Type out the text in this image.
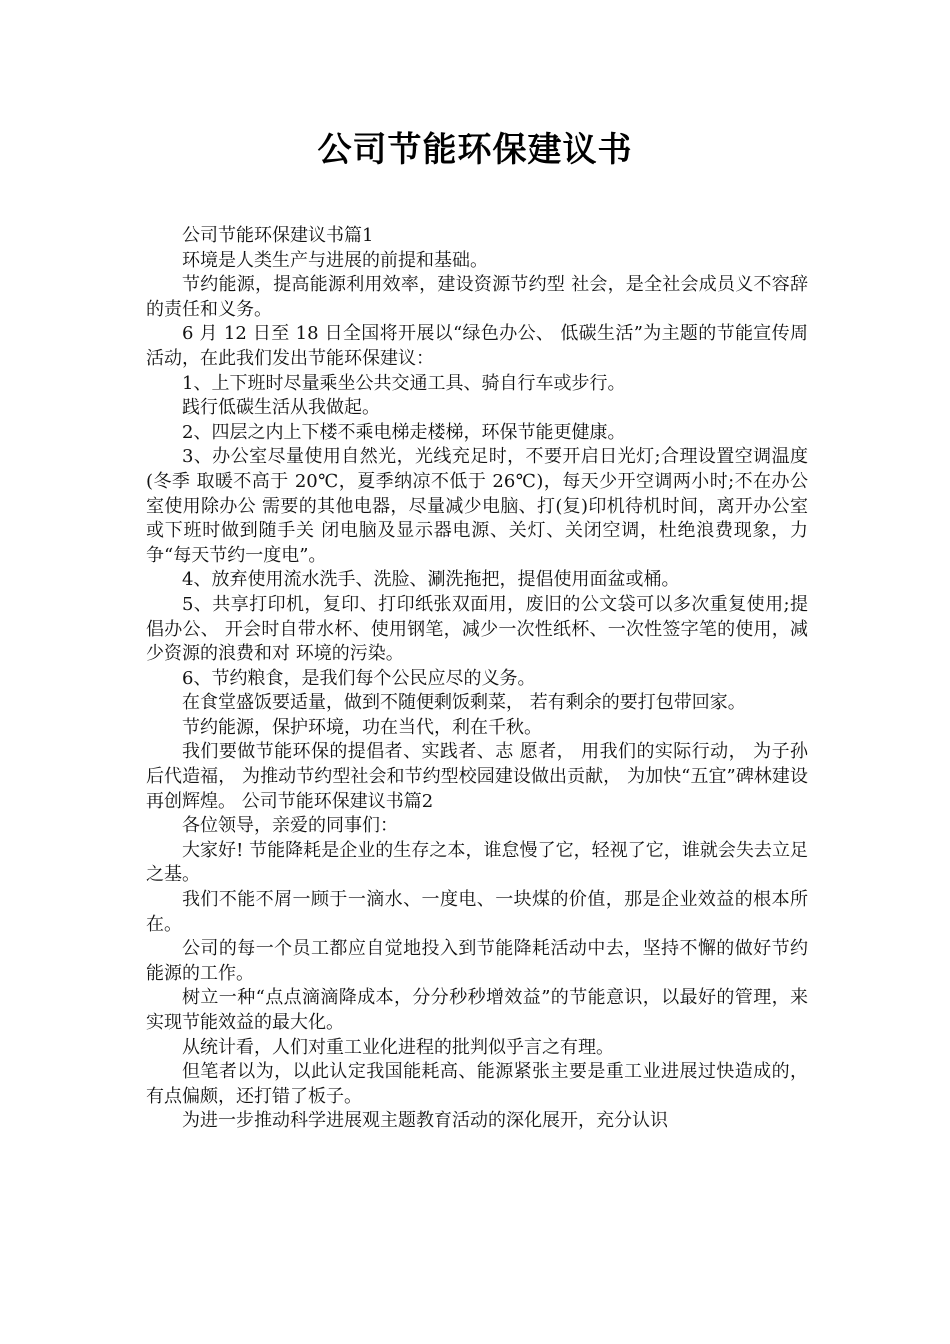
公司节能环保建议书

公司节能环保建议书篇1

环境是人类生产与进展的前提和基础。

节约能源，提高能源利用效率，建设资源节约型 社会，是全社会成员义不容辞的责任和义务。

6 月 12 日至 18 日全国将开展以“绿色办公、 低碳生活”为主题的节能宣传周活动，在此我们发出节能环保建议：

1、上下班时尽量乘坐公共交通工具、骑自行车或步行。

践行低碳生活从我做起。

2、四层之内上下楼不乘电梯走楼梯，环保节能更健康。

3、办公室尽量使用自然光，光线充足时，不要开启日光灯;合理设置空调温度(冬季 取暖不高于 20℃，夏季纳凉不低于 26℃)，每天少开空调两小时;不在办公室使用除办公 需要的其他电器，尽量减少电脑、打(复)印机待机时间，离开办公室或下班时做到随手关 闭电脑及显示器电源、关灯、关闭空调，杜绝浪费现象，力争“每天节约一度电”。

4、放弃使用流水洗手、洗脸、涮洗拖把，提倡使用面盆或桶。

5、共享打印机，复印、打印纸张双面用，废旧的公文袋可以多次重复使用;提倡办公、 开会时自带水杯、使用钢笔，减少一次性纸杯、一次性签字笔的使用，减少资源的浪费和对 环境的污染。

6、节约粮食，是我们每个公民应尽的义务。

在食堂盛饭要适量，做到不随便剩饭剩菜， 若有剩余的要打包带回家。

节约能源，保护环境，功在当代，利在千秋。

我们要做节能环保的提倡者、实践者、志 愿者， 用我们的实际行动， 为子孙后代造福， 为推动节约型社会和节约型校园建设做出贡献， 为加快“五宜”碑林建设再创辉煌。 公司节能环保建议书篇2

各位领导，亲爱的同事们：

大家好! 节能降耗是企业的生存之本，谁怠慢了它，轻视了它，谁就会失去立足之基。

我们不能不屑一顾于一滴水、一度电、一块煤的价值，那是企业效益的根本所在。

公司的每一个员工都应自觉地投入到节能降耗活动中去，坚持不懈的做好节约能源的工作。

树立一种“点点滴滴降成本，分分秒秒增效益”的节能意识，以最好的管理，来实现节能效益的最大化。

从统计看，人们对重工业化进程的批判似乎言之有理。

但笔者以为，以此认定我国能耗高、能源紧张主要是重工业进展过快造成的，有点偏颇，还打错了板子。

为进一步推动科学进展观主题教育活动的深化展开，充分认识
